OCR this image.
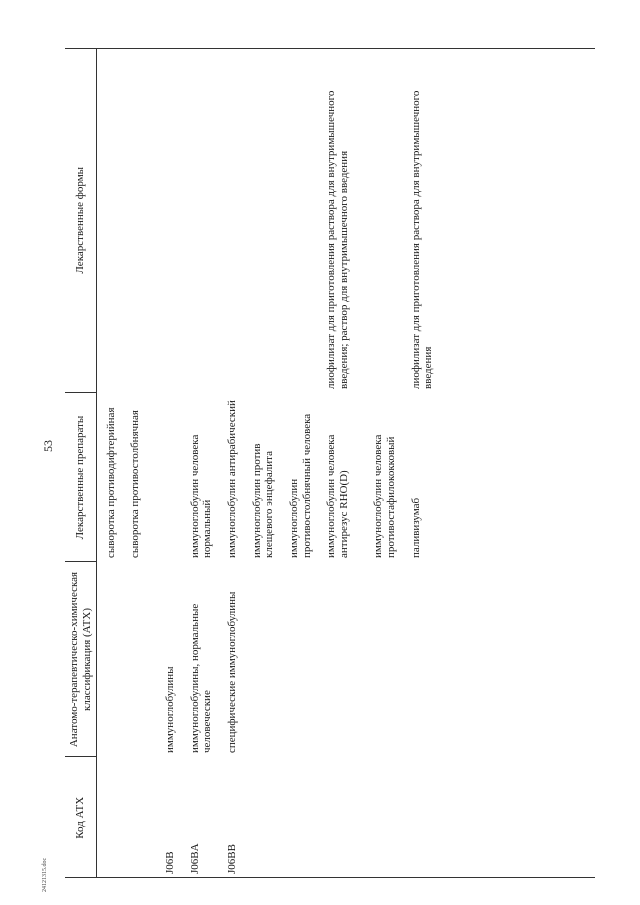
53
24121315.doc
Код АТХ	Анатомо-терапевтическо-химическая классификация (АТХ)	Лекарственные препараты	Лекарственные формы

		сыворотка противодифтерийная	

		сыворотка противостолбнячная	

J06B	иммуноглобулины		

J06BA	иммуноглобулины, нормальные человеческие	иммуноглобулин человека нормальный	

J06BB	специфические иммуноглобулины	иммуноглобулин антирабический	

		иммуноглобулин против клещевого энцефалита	

		иммуноглобулин противостолбнячный человека	

		иммуноглобулин человека антирезус RHO(D)	лиофилизат для приготовления раствора для внутримышечного введения; раствор для внутримышечного введения

		иммуноглобулин человека противостафилококковый	

		паливизумаб	лиофилизат для приготовления раствора для внутримышечного введения
